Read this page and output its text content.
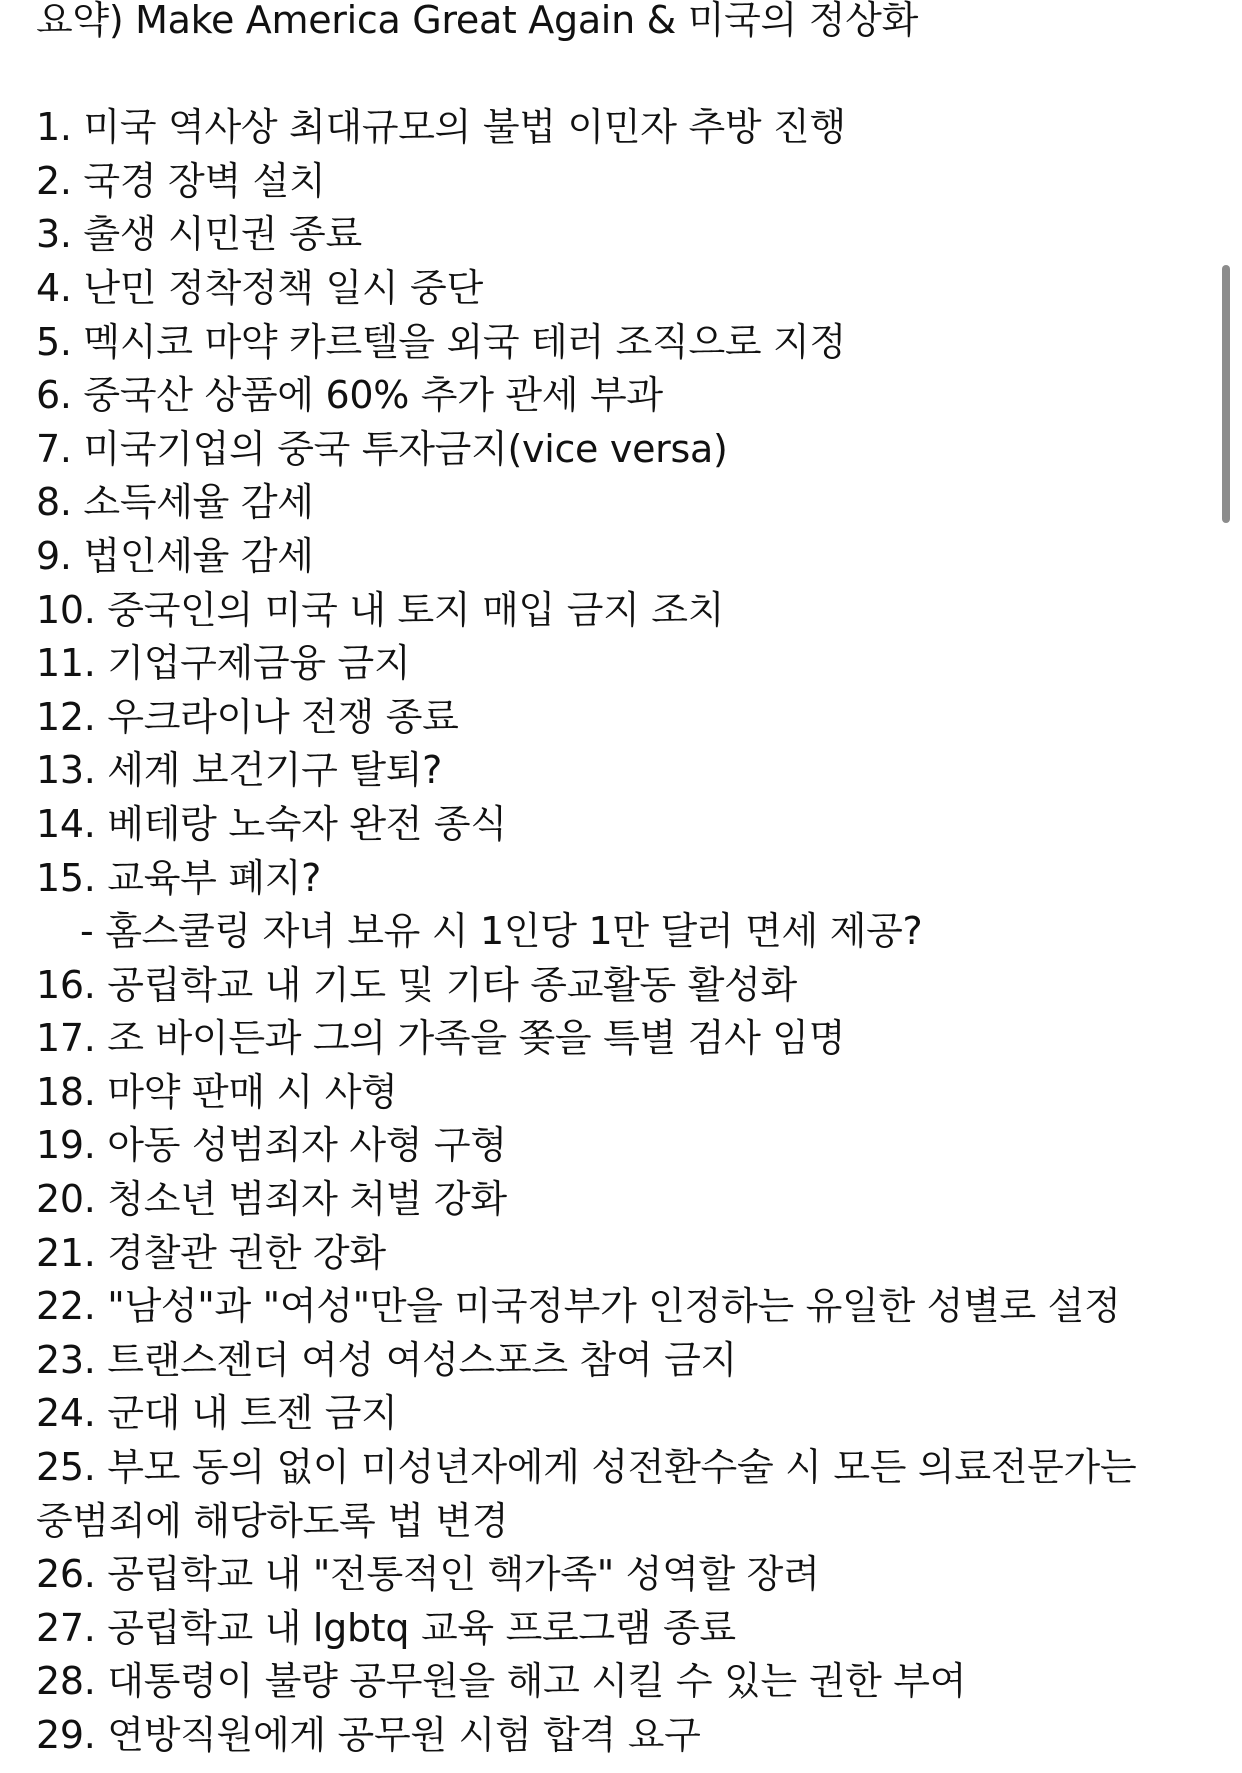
요약) Make America Great Again & 미국의 정상화
1. 미국 역사상 최대규모의 불법 이민자 추방 진행
2. 국경 장벽 설치
3. 출생 시민권 종료
4. 난민 정착정책 일시 중단
5. 멕시코 마약 카르텔을 외국 테러 조직으로 지정
6. 중국산 상품에 60% 추가 관세 부과
7. 미국기업의 중국 투자금지(vice versa)
8. 소득세율 감세
9. 법인세율 감세
10. 중국인의 미국 내 토지 매입 금지 조치
11. 기업구제금융 금지
12. 우크라이나 전쟁 종료
13. 세계 보건기구 탈퇴?
14. 베테랑 노숙자 완전 종식
15. 교육부 폐지?
- 홈스쿨링 자녀 보유 시 1인당 1만 달러 면세 제공?
16. 공립학교 내 기도 및 기타 종교활동 활성화
17. 조 바이든과 그의 가족을 쫒을 특별 검사 임명
18. 마약 판매 시 사형
19. 아동 성범죄자 사형 구형
20. 청소년 범죄자 처벌 강화
21. 경찰관 권한 강화
22. "남성"과 "여성"만을 미국정부가 인정하는 유일한 성별로 설정
23. 트랜스젠더 여성 여성스포츠 참여 금지
24. 군대 내 트젠 금지
25. 부모 동의 없이 미성년자에게 성전환수술 시 모든 의료전문가는 중범죄에 해당하도록 법 변경
26. 공립학교 내 "전통적인 핵가족" 성역할 장려
27. 공립학교 내 lgbtq 교육 프로그램 종료
28. 대통령이 불량 공무원을 해고 시킬 수 있는 권한 부여
29. 연방직원에게 공무원 시험 합격 요구
